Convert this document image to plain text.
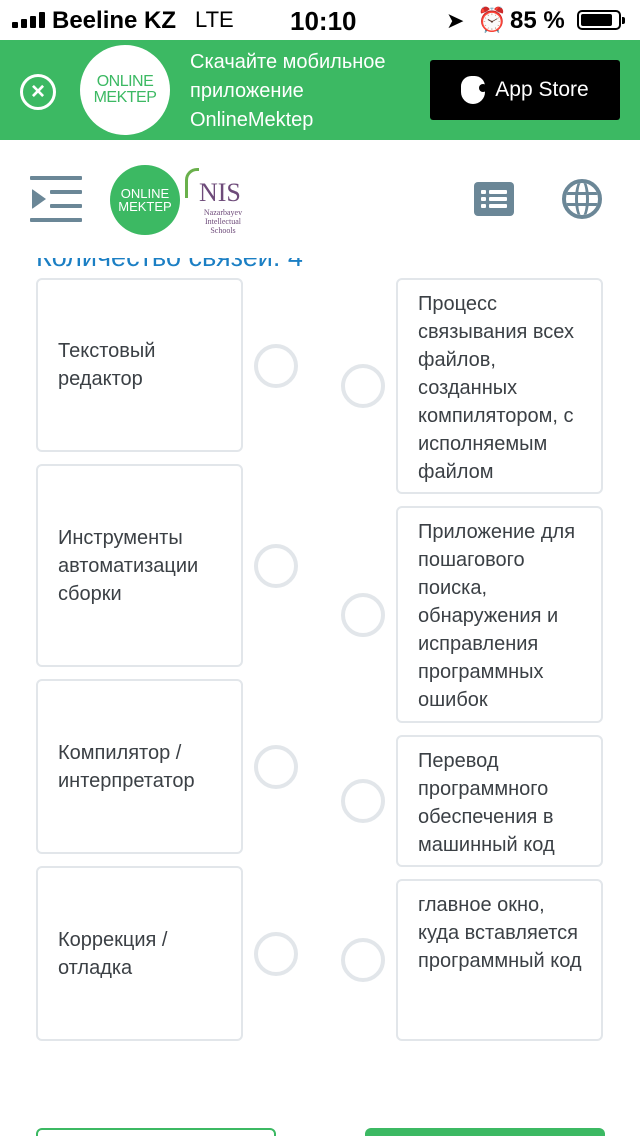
Beeline KZ LTE 10:10	➤ ⏰ 85 %
×	ONLINE
MEKTEP
Скачайте мобильное
приложение
OnlineMektep
App Store
ONLINE
MEKTEP NIS
Nazarbayev Intellectual Schools
Текстовый редактор
Инструменты автоматизации сборки
Компилятор / интерпретатор
Коррекция / отладка
Процесс связывания всех файлов, созданных компилятором, с исполняемым файлом
Приложение для пошагового поиска, обнаружения и исправления программных ошибок
Перевод программного обеспечения в машинный код
главное окно, куда вставляется программный код
